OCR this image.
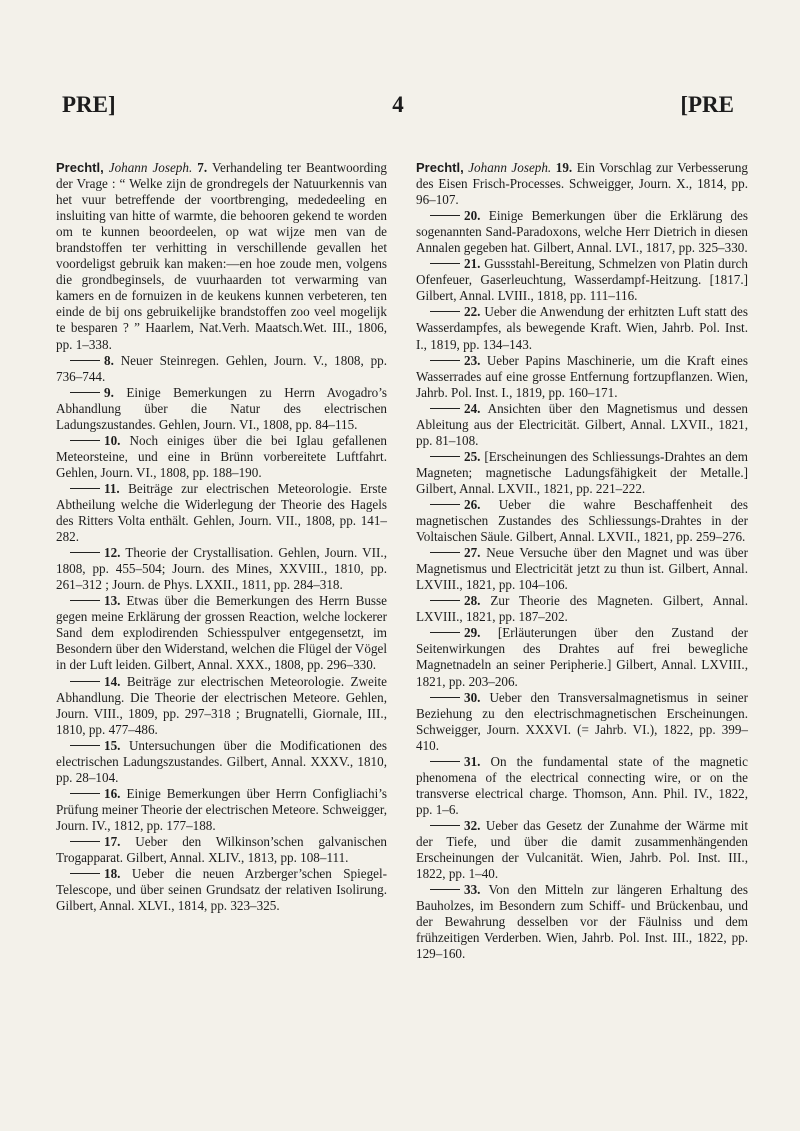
PRE]	4	[PRE

Prechtl, Johann Joseph. 7. Verhandeling ter Beantwoording der Vrage : “ Welke zijn de grondregels der Natuurkennis van het vuur betreffende der voortbrenging, mededeeling en insluiting van hitte of warmte, die behooren gekend te worden om te kunnen beoordeelen, op wat wijze men van de brandstoffen ter verhitting in verschillende gevallen het voordeligst gebruik kan maken:—en hoe zoude men, volgens die grondbeginsels, de vuurhaarden tot verwarming van kamers en de fornuizen in de keukens kunnen verbeteren, ten einde de bij ons gebruikelijke brandstoffen zoo veel mogelijk te besparen ? ” Haarlem, Nat.Verh. Maatsch.Wet. III., 1806, pp. 1–338.

8. Neuer Steinregen. Gehlen, Journ. V., 1808, pp. 736–744.

9. Einige Bemerkungen zu Herrn Avogadro’s Abhandlung über die Natur des electrischen Ladungszustandes. Gehlen, Journ. VI., 1808, pp. 84–115.

10. Noch einiges über die bei Iglau gefallenen Meteorsteine, und eine in Brünn vorbereitete Luftfahrt. Gehlen, Journ. VI., 1808, pp. 188–190.

11. Beiträge zur electrischen Meteorologie. Erste Abtheilung welche die Widerlegung der Theorie des Hagels des Ritters Volta enthält. Gehlen, Journ. VII., 1808, pp. 141–282.

12. Theorie der Crystallisation. Gehlen, Journ. VII., 1808, pp. 455–504; Journ. des Mines, XXVIII., 1810, pp. 261–312 ; Journ. de Phys. LXXII., 1811, pp. 284–318.

13. Etwas über die Bemerkungen des Herrn Busse gegen meine Erklärung der grossen Reaction, welche lockerer Sand dem explodirenden Schiesspulver entgegensetzt, im Besondern über den Widerstand, welchen die Flügel der Vögel in der Luft leiden. Gilbert, Annal. XXX., 1808, pp. 296–330.

14. Beiträge zur electrischen Meteorologie. Zweite Abhandlung. Die Theorie der electrischen Meteore. Gehlen, Journ. VIII., 1809, pp. 297–318 ; Brugnatelli, Giornale, III., 1810, pp. 477–486.

15. Untersuchungen über die Modificationen des electrischen Ladungszustandes. Gilbert, Annal. XXXV., 1810, pp. 28–104.

16. Einige Bemerkungen über Herrn Configliachi’s Prüfung meiner Theorie der electrischen Meteore. Schweigger, Journ. IV., 1812, pp. 177–188.

17. Ueber den Wilkinson’schen galvanischen Trogapparat. Gilbert, Annal. XLIV., 1813, pp. 108–111.

18. Ueber die neuen Arzberger’schen Spiegel-Telescope, und über seinen Grundsatz der relativen Isolirung. Gilbert, Annal. XLVI., 1814, pp. 323–325.

Prechtl, Johann Joseph. 19. Ein Vorschlag zur Verbesserung des Eisen Frisch-Processes. Schweigger, Journ. X., 1814, pp. 96–107.

20. Einige Bemerkungen über die Erklärung des sogenannten Sand-Paradoxons, welche Herr Dietrich in diesen Annalen gegeben hat. Gilbert, Annal. LVI., 1817, pp. 325–330.

21. Gussstahl-Bereitung, Schmelzen von Platin durch Ofenfeuer, Gaserleuchtung, Wasserdampf-Heitzung. [1817.] Gilbert, Annal. LVIII., 1818, pp. 111–116.

22. Ueber die Anwendung der erhitzten Luft statt des Wasserdampfes, als bewegende Kraft. Wien, Jahrb. Pol. Inst. I., 1819, pp. 134–143.

23. Ueber Papins Maschinerie, um die Kraft eines Wasserrades auf eine grosse Entfernung fortzupflanzen. Wien, Jahrb. Pol. Inst. I., 1819, pp. 160–171.

24. Ansichten über den Magnetismus und dessen Ableitung aus der Electricität. Gilbert, Annal. LXVII., 1821, pp. 81–108.

25. [Erscheinungen des Schliessungs-Drahtes an dem Magneten; magnetische Ladungsfähigkeit der Metalle.] Gilbert, Annal. LXVII., 1821, pp. 221–222.

26. Ueber die wahre Beschaffenheit des magnetischen Zustandes des Schliessungs-Drahtes in der Voltaischen Säule. Gilbert, Annal. LXVII., 1821, pp. 259–276.

27. Neue Versuche über den Magnet und was über Magnetismus und Electricität jetzt zu thun ist. Gilbert, Annal. LXVIII., 1821, pp. 104–106.

28. Zur Theorie des Magneten. Gilbert, Annal. LXVIII., 1821, pp. 187–202.

29. [Erläuterungen über den Zustand der Seitenwirkungen des Drahtes auf frei bewegliche Magnetnadeln an seiner Peripherie.] Gilbert, Annal. LXVIII., 1821, pp. 203–206.

30. Ueber den Transversalmagnetismus in seiner Beziehung zu den electrischmagnetischen Erscheinungen. Schweigger, Journ. XXXVI. (= Jahrb. VI.), 1822, pp. 399–410.

31. On the fundamental state of the magnetic phenomena of the electrical connecting wire, or on the transverse electrical charge. Thomson, Ann. Phil. IV., 1822, pp. 1–6.

32. Ueber das Gesetz der Zunahme der Wärme mit der Tiefe, und über die damit zusammenhängenden Erscheinungen der Vulcanität. Wien, Jahrb. Pol. Inst. III., 1822, pp. 1–40.

33. Von den Mitteln zur längeren Erhaltung des Bauholzes, im Besondern zum Schiff- und Brückenbau, und der Bewahrung desselben vor der Fäulniss und dem frühzeitigen Verderben. Wien, Jahrb. Pol. Inst. III., 1822, pp. 129–160.
